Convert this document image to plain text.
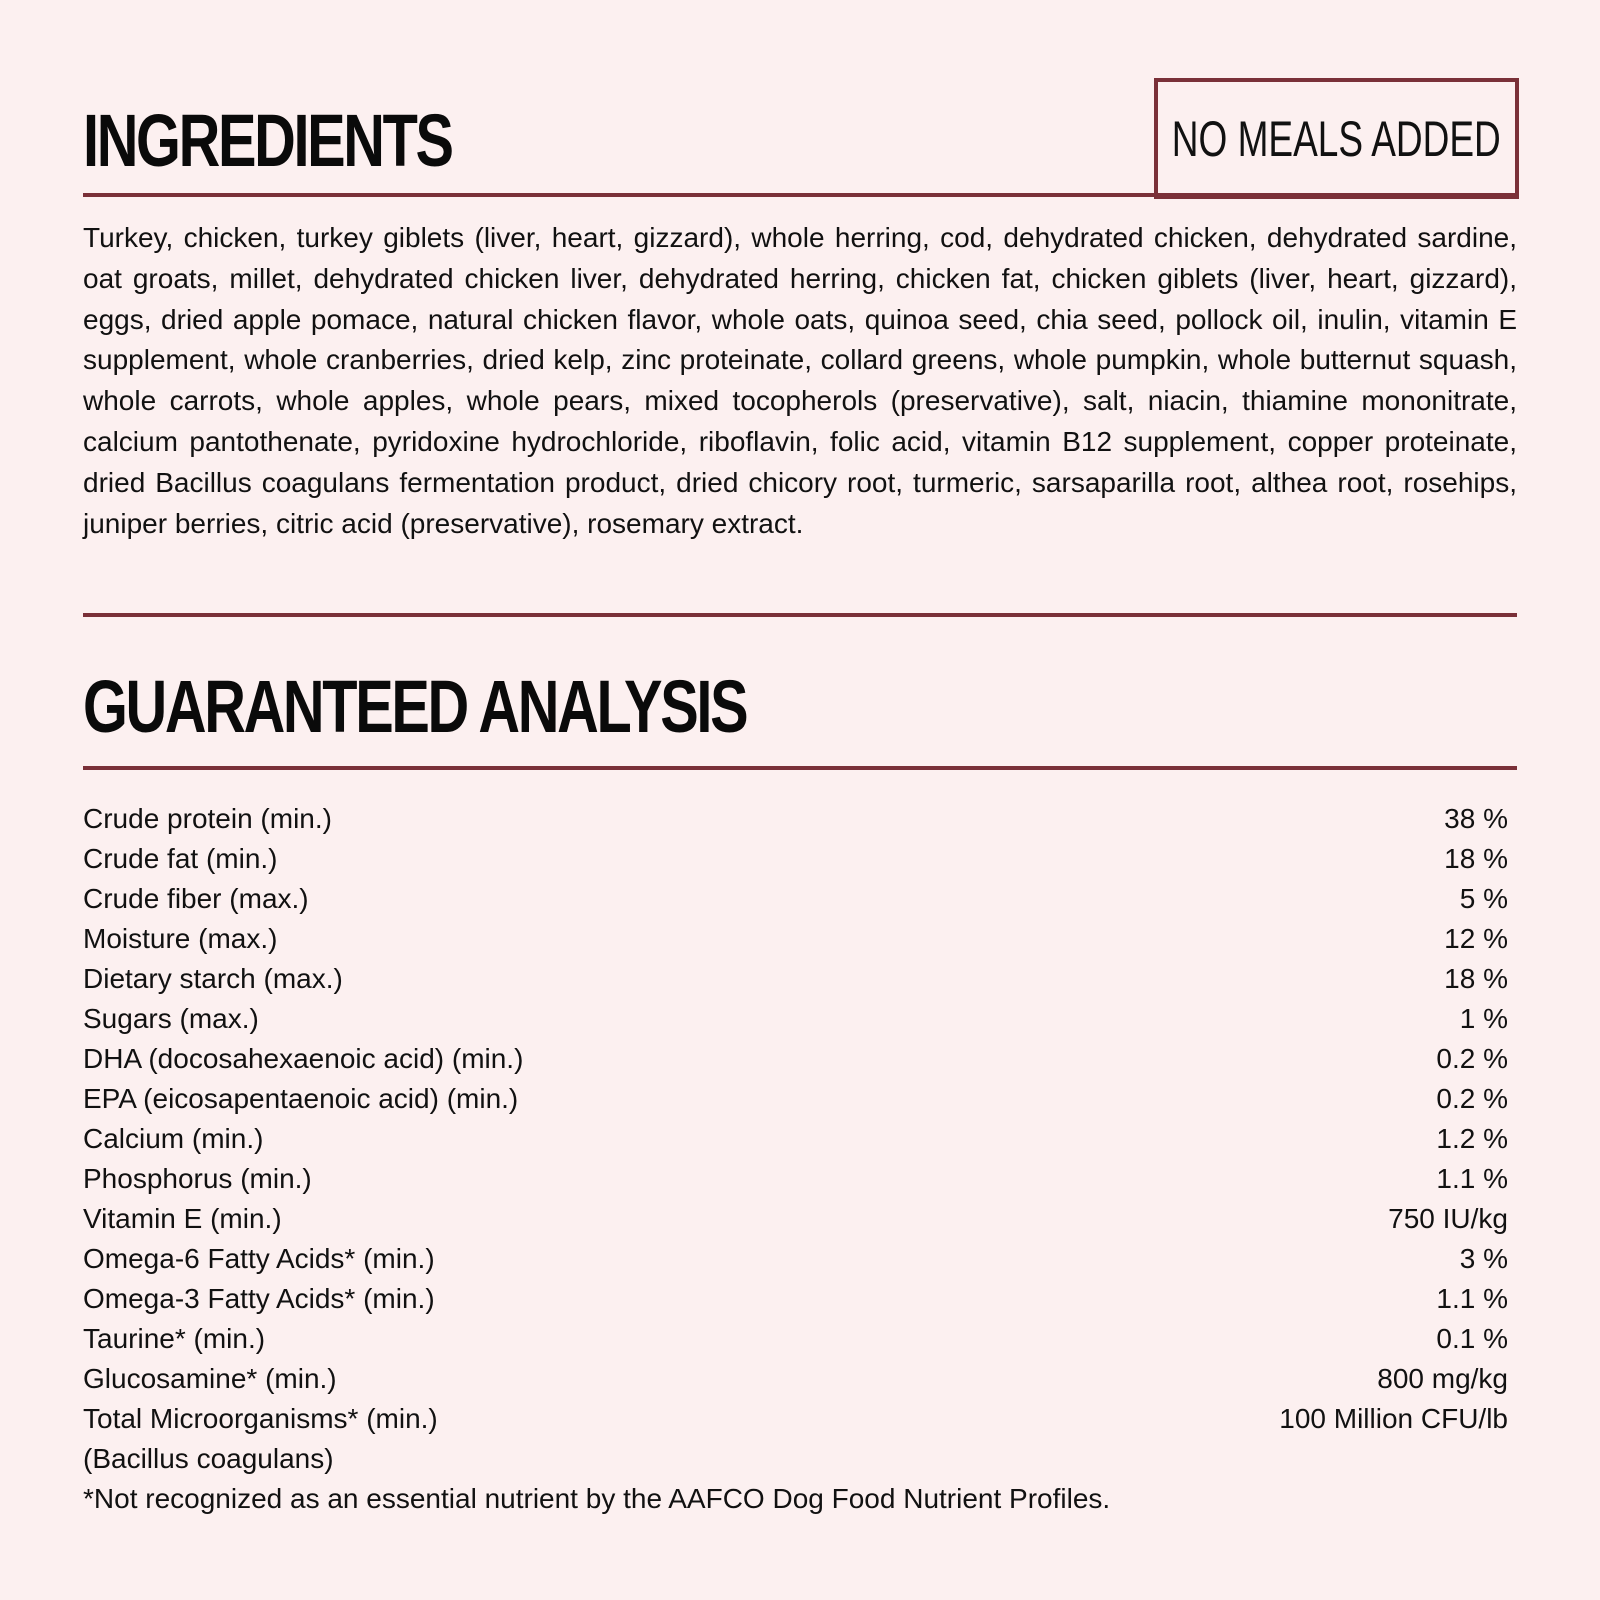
INGREDIENTS	NO MEALS ADDED
Turkey, chicken, turkey giblets (liver, heart, gizzard), whole herring, cod, dehydrated chicken, dehydrated sardine, oat groats, millet, dehydrated chicken liver, dehydrated herring, chicken fat, chicken giblets (liver, heart, gizzard), eggs, dried apple pomace, natural chicken flavor, whole oats, quinoa seed, chia seed, pollock oil, inulin, vitamin E supplement, whole cranberries, dried kelp, zinc proteinate, collard greens, whole pumpkin, whole butternut squash, whole carrots, whole apples, whole pears, mixed tocopherols (preservative), salt, niacin, thiamine mononitrate, calcium pantothenate, pyridoxine hydrochloride, riboflavin, folic acid, vitamin B12 supplement, copper proteinate, dried Bacillus coagulans fermentation product, dried chicory root, turmeric, sarsaparilla root, althea root, rosehips, juniper berries, citric acid (preservative), rosemary extract.
GUARANTEED ANALYSIS
Crude protein (min.)	38 %
Crude fat (min.)	18 %
Crude fiber (max.)	5 %
Moisture (max.)	12 %
Dietary starch (max.)	18 %
Sugars (max.)	1 %
DHA (docosahexaenoic acid) (min.)	0.2 %
EPA (eicosapentaenoic acid) (min.)	0.2 %
Calcium (min.)	1.2 %
Phosphorus (min.)	1.1 %
Vitamin E (min.)	750 IU/kg
Omega-6 Fatty Acids* (min.)	3 %
Omega-3 Fatty Acids* (min.)	1.1 %
Taurine* (min.)	0.1 %
Glucosamine* (min.)	800 mg/kg
Total Microorganisms* (min.)	100 Million CFU/lb
(Bacillus coagulans)
*Not recognized as an essential nutrient by the AAFCO Dog Food Nutrient Profiles.
